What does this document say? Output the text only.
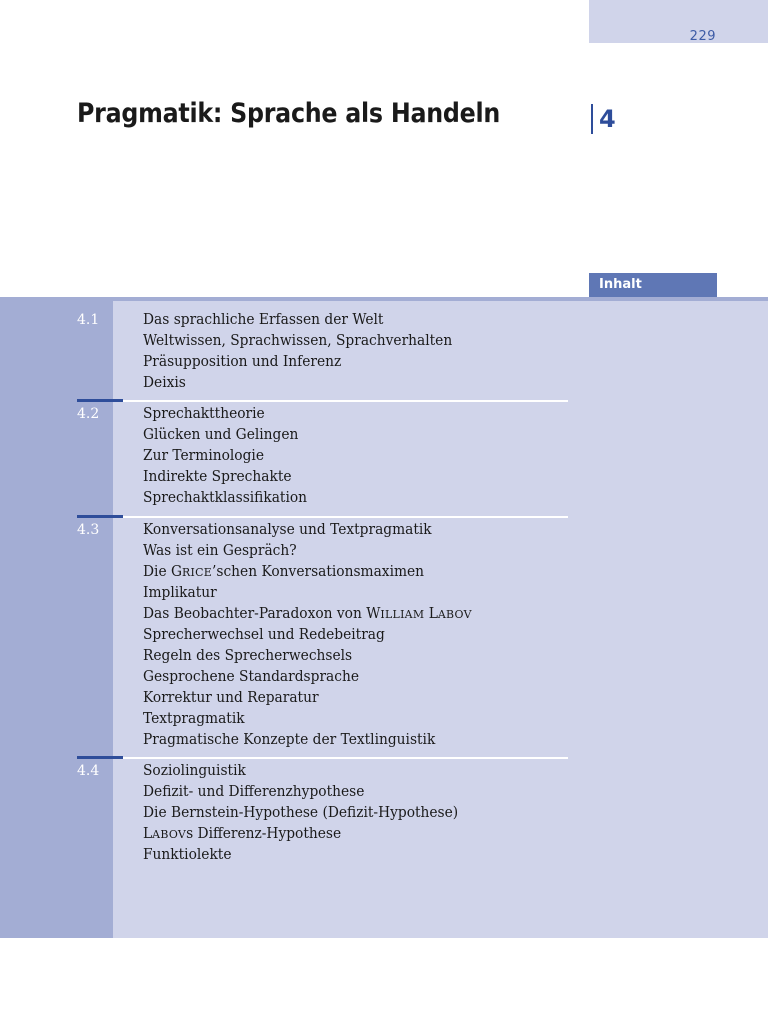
229
Pragmatik: Sprache als Handeln	4
Inhalt
4.1	Das sprachliche Erfassen der Welt
Weltwissen, Sprachwissen, Sprachverhalten
Präsupposition und Inferenz
Deixis
4.2	Sprechakttheorie
Glücken und Gelingen
Zur Terminologie
Indirekte Sprechakte
Sprechaktklassifikation
4.3	Konversationsanalyse und Textpragmatik
Was ist ein Gespräch?
Die GRICE’schen Konversationsmaximen
Implikatur
Das Beobachter-Paradoxon von WILLIAM LABOV
Sprecherwechsel und Redebeitrag
Regeln des Sprecherwechsels
Gesprochene Standardsprache
Korrektur und Reparatur
Textpragmatik
Pragmatische Konzepte der Textlinguistik
4.4	Soziolinguistik
Defizit- und Differenzhypothese
Die Bernstein-Hypothese (Defizit-Hypothese)
LABOVs Differenz-Hypothese
Funktiolekte
